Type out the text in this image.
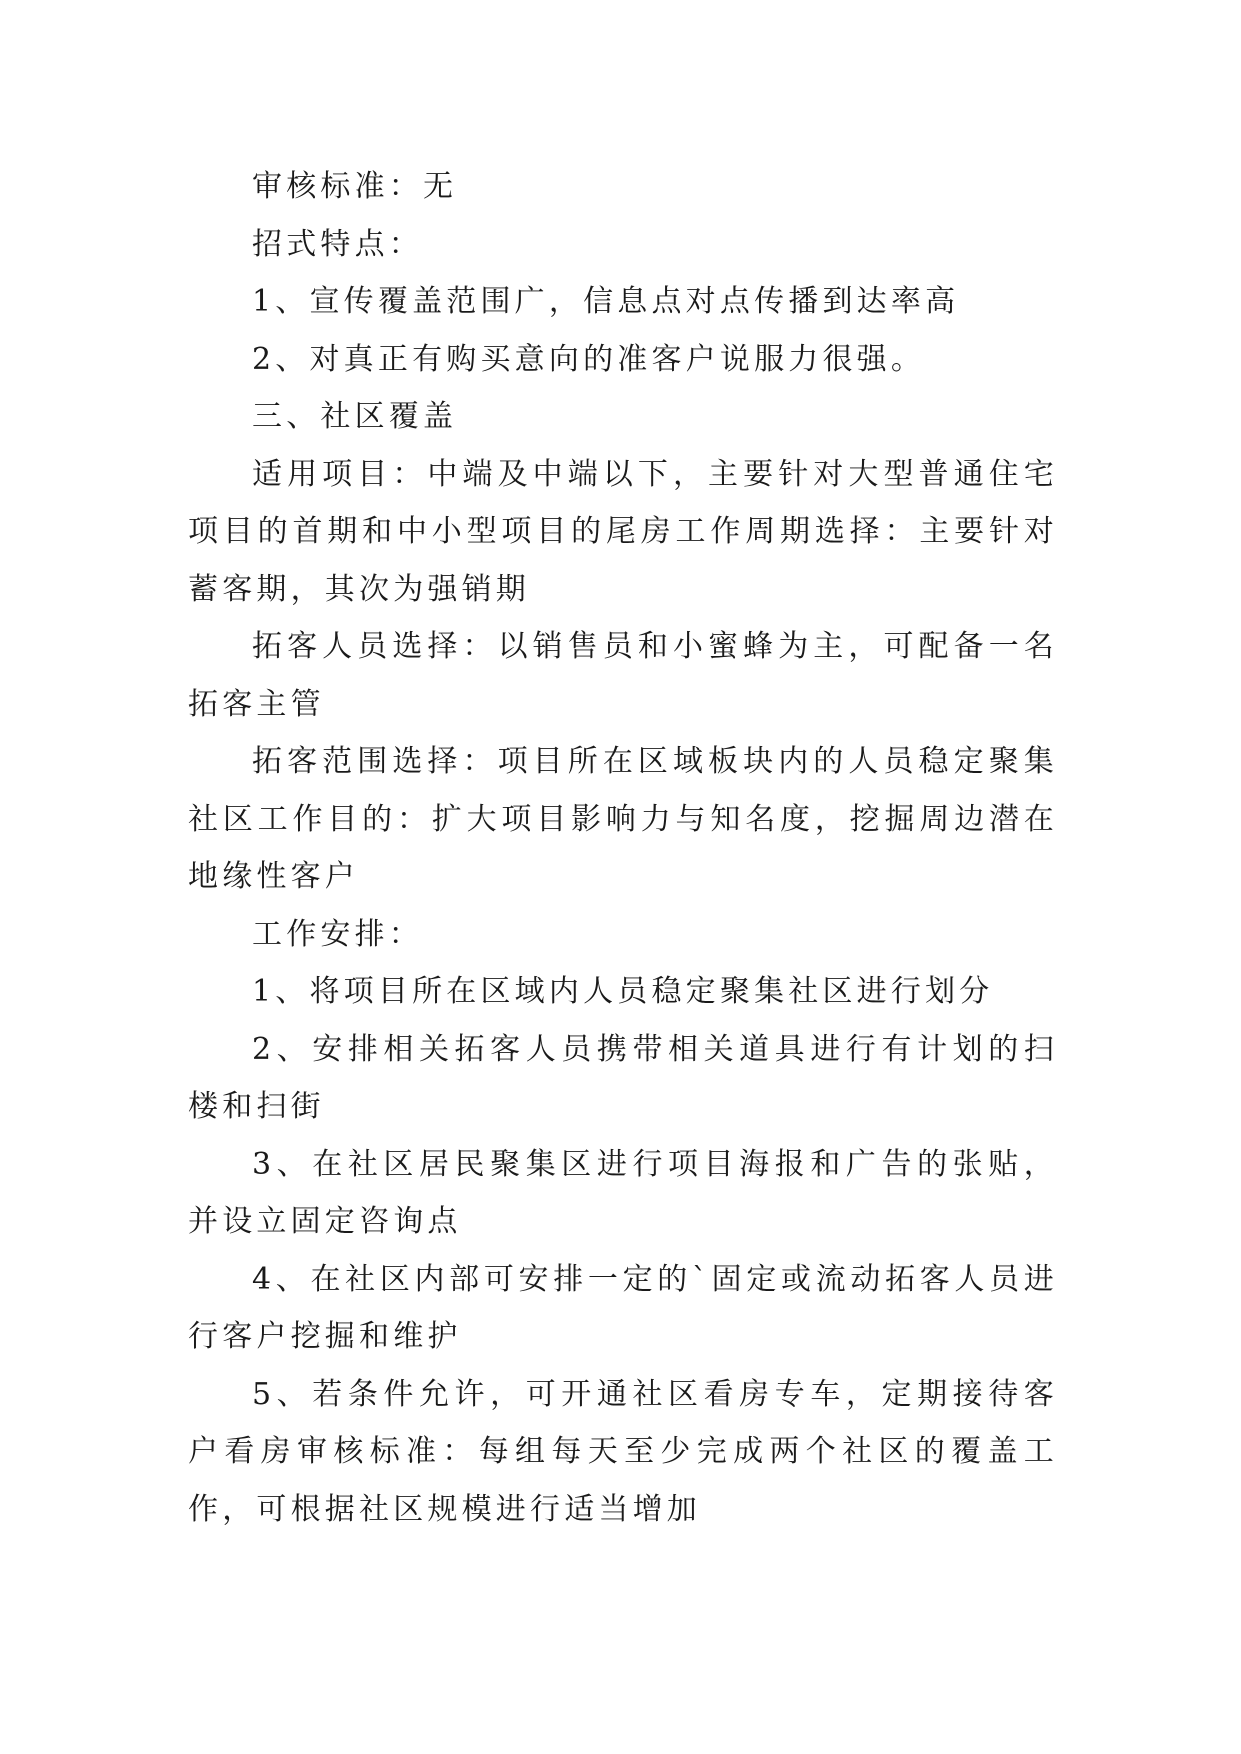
审核标准：无

招式特点：

1、宣传覆盖范围广，信息点对点传播到达率高

2、对真正有购买意向的准客户说服力很强。

三、社区覆盖

适用项目：中端及中端以下，主要针对大型普通住宅项目的首期和中小型项目的尾房工作周期选择：主要针对蓄客期，其次为强销期

拓客人员选择：以销售员和小蜜蜂为主，可配备一名拓客主管

拓客范围选择：项目所在区域板块内的人员稳定聚集社区工作目的：扩大项目影响力与知名度，挖掘周边潜在地缘性客户

工作安排：

1、将项目所在区域内人员稳定聚集社区进行划分

2、安排相关拓客人员携带相关道具进行有计划的扫楼和扫街

3、在社区居民聚集区进行项目海报和广告的张贴，并设立固定咨询点

4、在社区内部可安排一定的`固定或流动拓客人员进行客户挖掘和维护

5、若条件允许，可开通社区看房专车，定期接待客户看房审核标准：每组每天至少完成两个社区的覆盖工作，可根据社区规模进行适当增加
